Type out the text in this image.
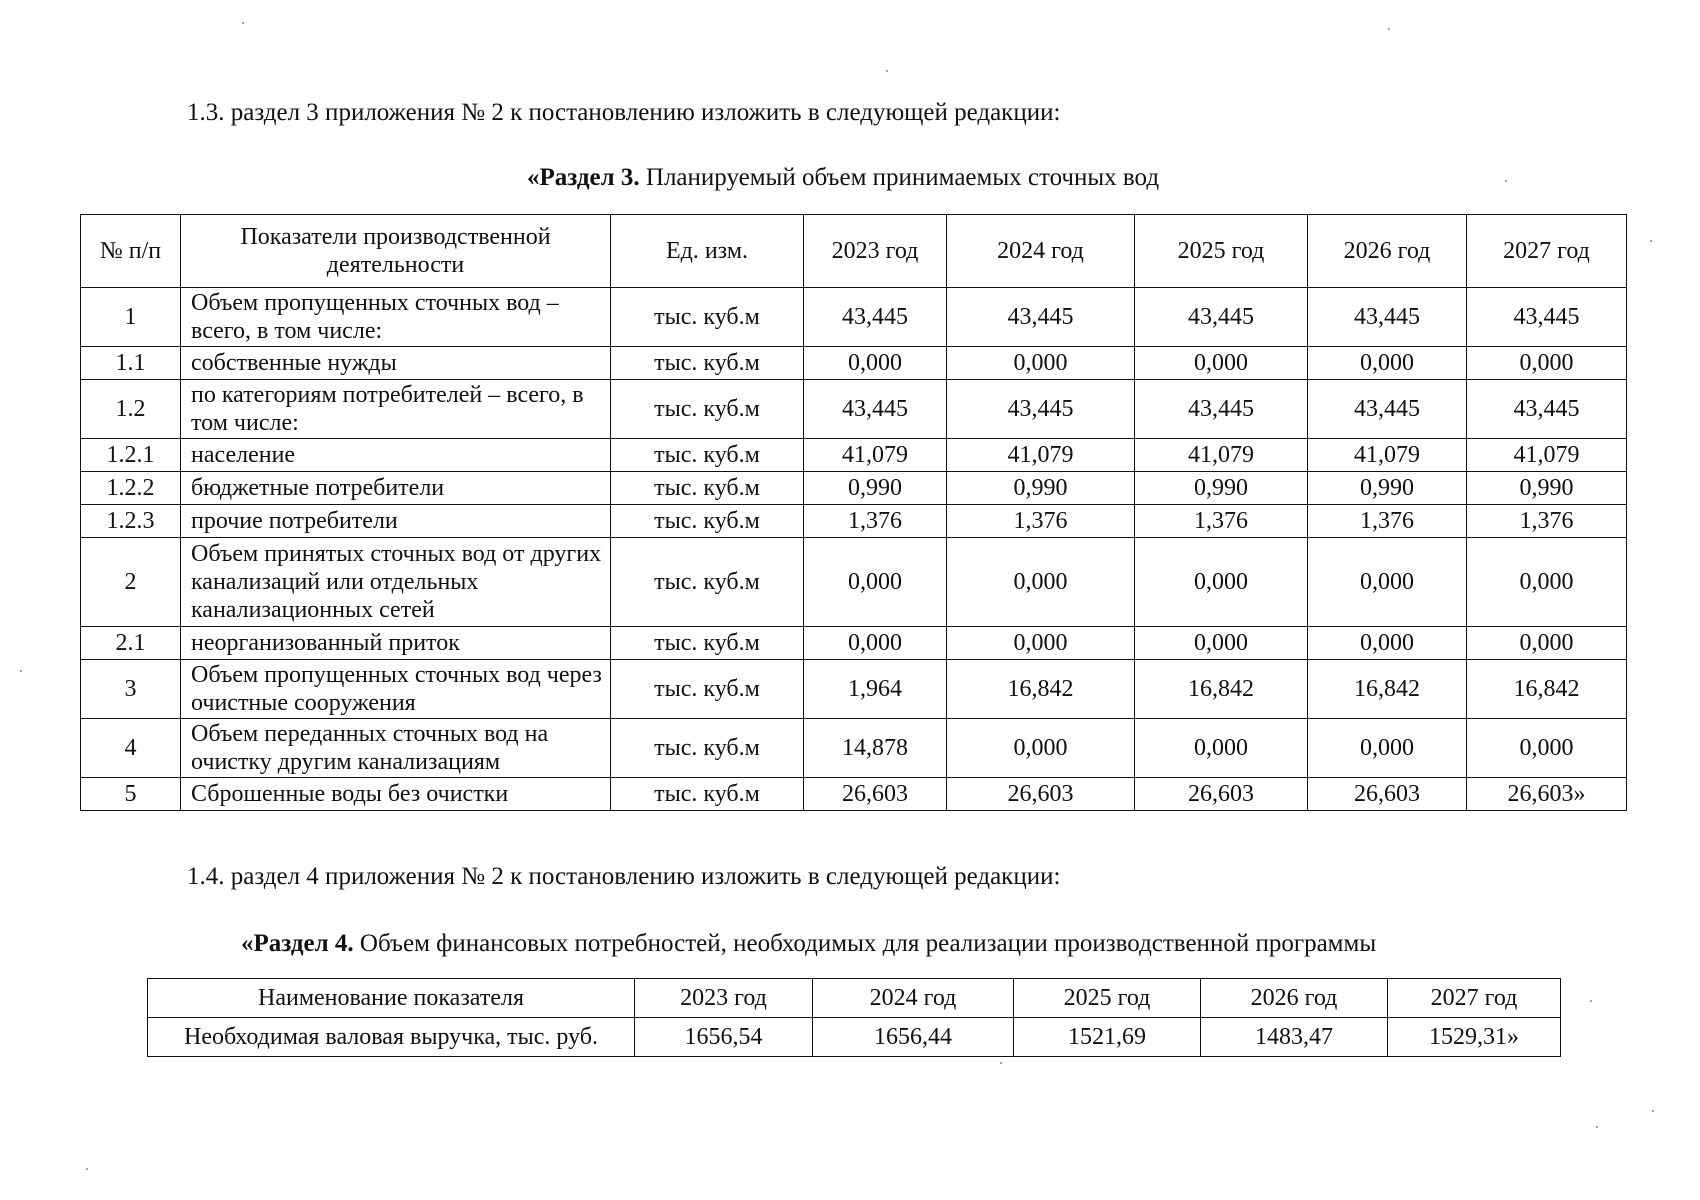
1.3. раздел 3 приложения № 2 к постановлению изложить в следующей редакции:
«Раздел 3. Планируемый объем принимаемых сточных вод
№ п/п	Показатели производственной деятельности	Ед. изм.	2023 год	2024 год	2025 год	2026 год	2027 год
1	Объем пропущенных сточных вод – всего, в том числе:	тыс. куб.м	43,445	43,445	43,445	43,445	43,445
1.1	собственные нужды	тыс. куб.м	0,000	0,000	0,000	0,000	0,000
1.2	по категориям потребителей – всего, в том числе:	тыс. куб.м	43,445	43,445	43,445	43,445	43,445
1.2.1	население	тыс. куб.м	41,079	41,079	41,079	41,079	41,079
1.2.2	бюджетные потребители	тыс. куб.м	0,990	0,990	0,990	0,990	0,990
1.2.3	прочие потребители	тыс. куб.м	1,376	1,376	1,376	1,376	1,376
2	Объем принятых сточных вод от других канализаций или отдельных канализационных сетей	тыс. куб.м	0,000	0,000	0,000	0,000	0,000
2.1	неорганизованный приток	тыс. куб.м	0,000	0,000	0,000	0,000	0,000
3	Объем пропущенных сточных вод через очистные сооружения	тыс. куб.м	1,964	16,842	16,842	16,842	16,842
4	Объем переданных сточных вод на очистку другим канализациям	тыс. куб.м	14,878	0,000	0,000	0,000	0,000
5	Сброшенные воды без очистки	тыс. куб.м	26,603	26,603	26,603	26,603	26,603»
1.4. раздел 4 приложения № 2 к постановлению изложить в следующей редакции:
«Раздел 4. Объем финансовых потребностей, необходимых для реализации производственной программы
Наименование показателя	2023 год	2024 год	2025 год	2026 год	2027 год
Необходимая валовая выручка, тыс. руб.	1656,54	1656,44	1521,69	1483,47	1529,31»
